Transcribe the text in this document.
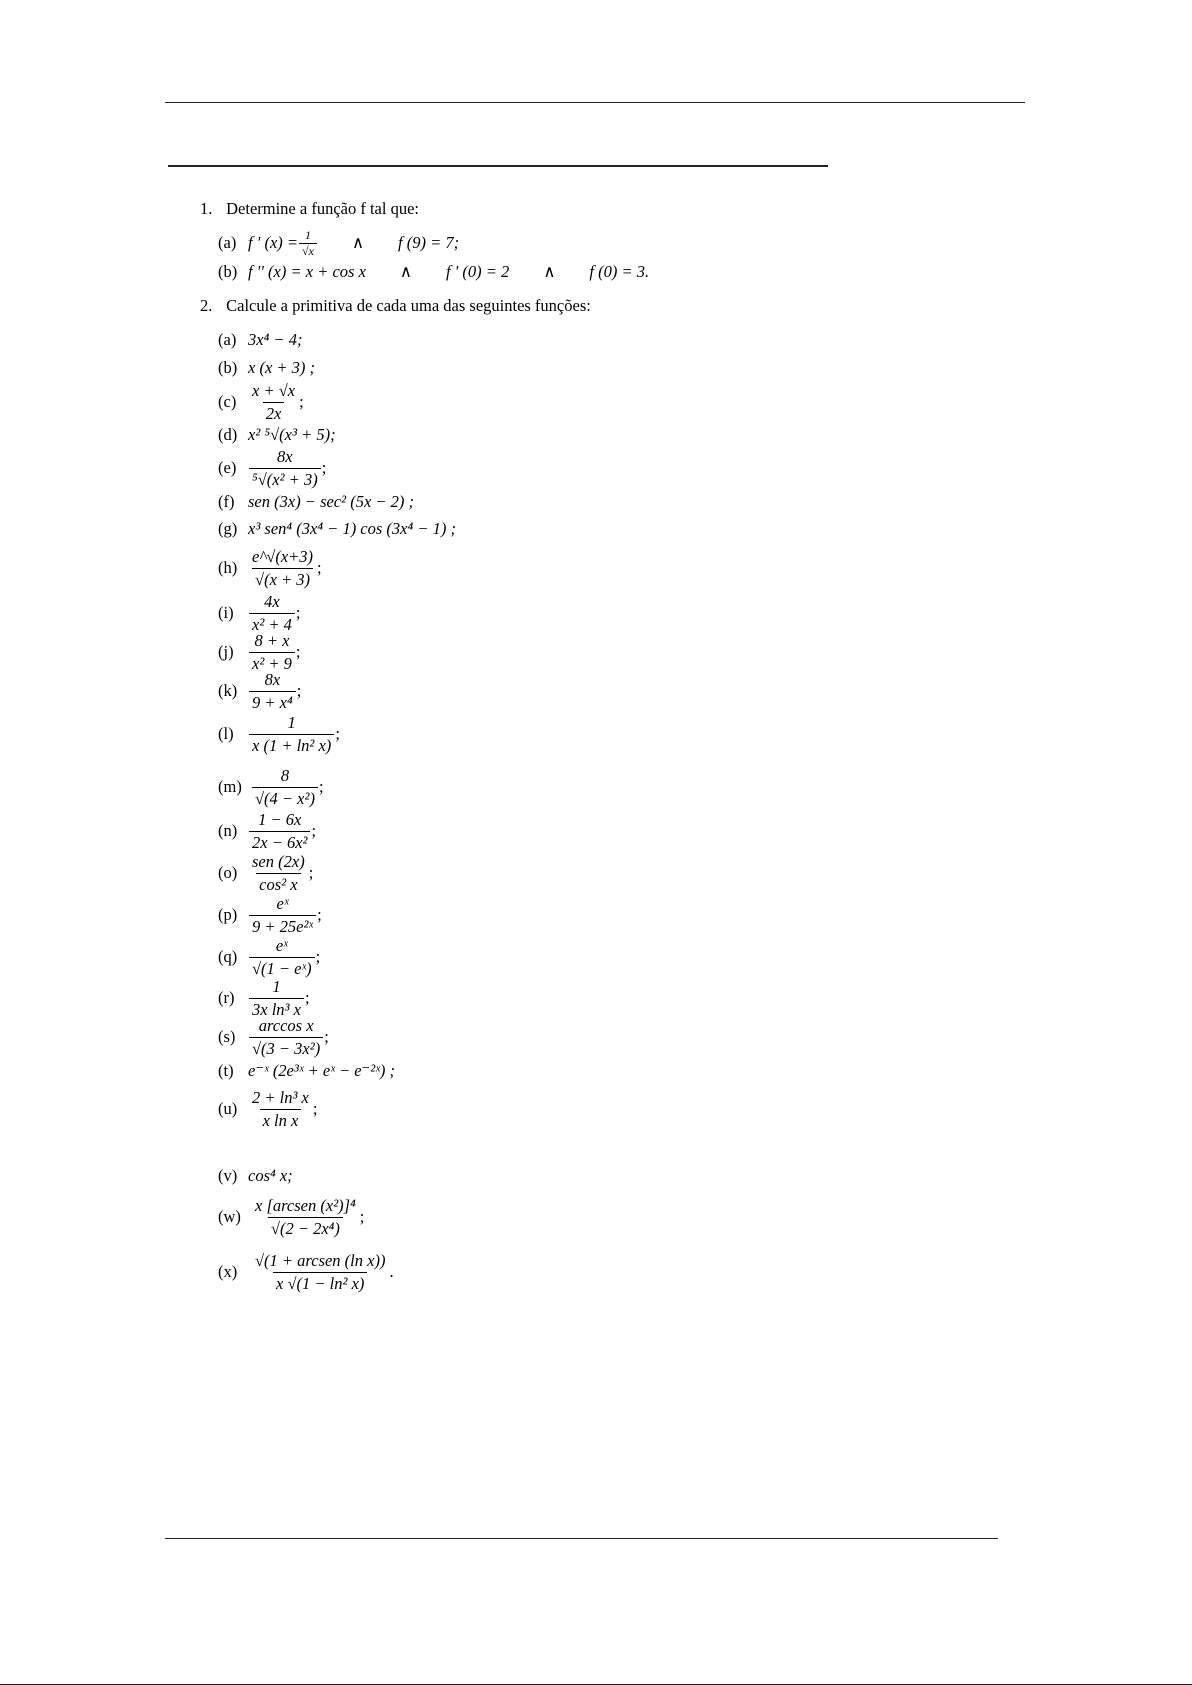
1. Determine a função f tal que:
(a) f ′ $(x) = \frac{1}{√x}$ ∧ f (9) = 7;
(b) f ′′ (x) = x + cos x ∧ f ′ (0) = 2 ∧ f (0) = 3.
2. Calcule a primitiva de cada uma das seguintes funções:
(a) 3x⁴ − 4;
(b) x (x + 3) ;
$(c) \frac{x + √x}{2x}$ ;
(d) x² ⁵√(x³ + 5);
$(e) \frac{8x}{\text{⁵√(x² + 3)}}$ ;
(f) sen (3x) − sec² (5x − 2) ;
(g) x³ sen⁴ (3x⁴ − 1) cos (3x⁴ − 1) ;
$(h) \frac{e\^{}√(x+3)}{√(x + 3)}$ ;
$(i) \frac{4x}{\text{x² + 4}}$ ;
$(j) \frac{8 + x}{\text{x² + 9}}$ ;
$(k) \frac{8x}{\text{9 + x⁴}}$ ;
$(l) \frac{1}{\text{x (1 + ln² x)}}$ ;
$(m) \frac{8}{\text{√(4 − x²)}}$ ;
$(n) \frac{1 - 6x}{\text{2x − 6x²}}$ ;
$(o) \frac{\text{sen (2x)}}{\text{cos² x}}$ ;
$(p) \frac{\text{eˣ}}{\text{9 + 25e²ˣ}}$ ;
$(q) \frac{\text{eˣ}}{\text{√(1 − eˣ)}}$ ;
$(r) \frac{1}{\text{3x ln³ x}}$ ;
$(s) \frac{\text{arccos x}}{\text{√(3 − 3x²)}}$ ;
(t) e⁻ˣ (2e³ˣ + eˣ − e⁻²ˣ) ;
$(u) \frac{\text{2 + ln³ x}}{\text{x ln x}}$ ;
(v) cos⁴ x;
$(w) \frac{\text{x [arcsen (x²)]⁴}}{\text{√(2 − 2x⁴)}}$ ;
$(x) \frac{\text{√(1 + arcsen (ln x))}}{\text{x √(1 − ln² x)}}$ .
